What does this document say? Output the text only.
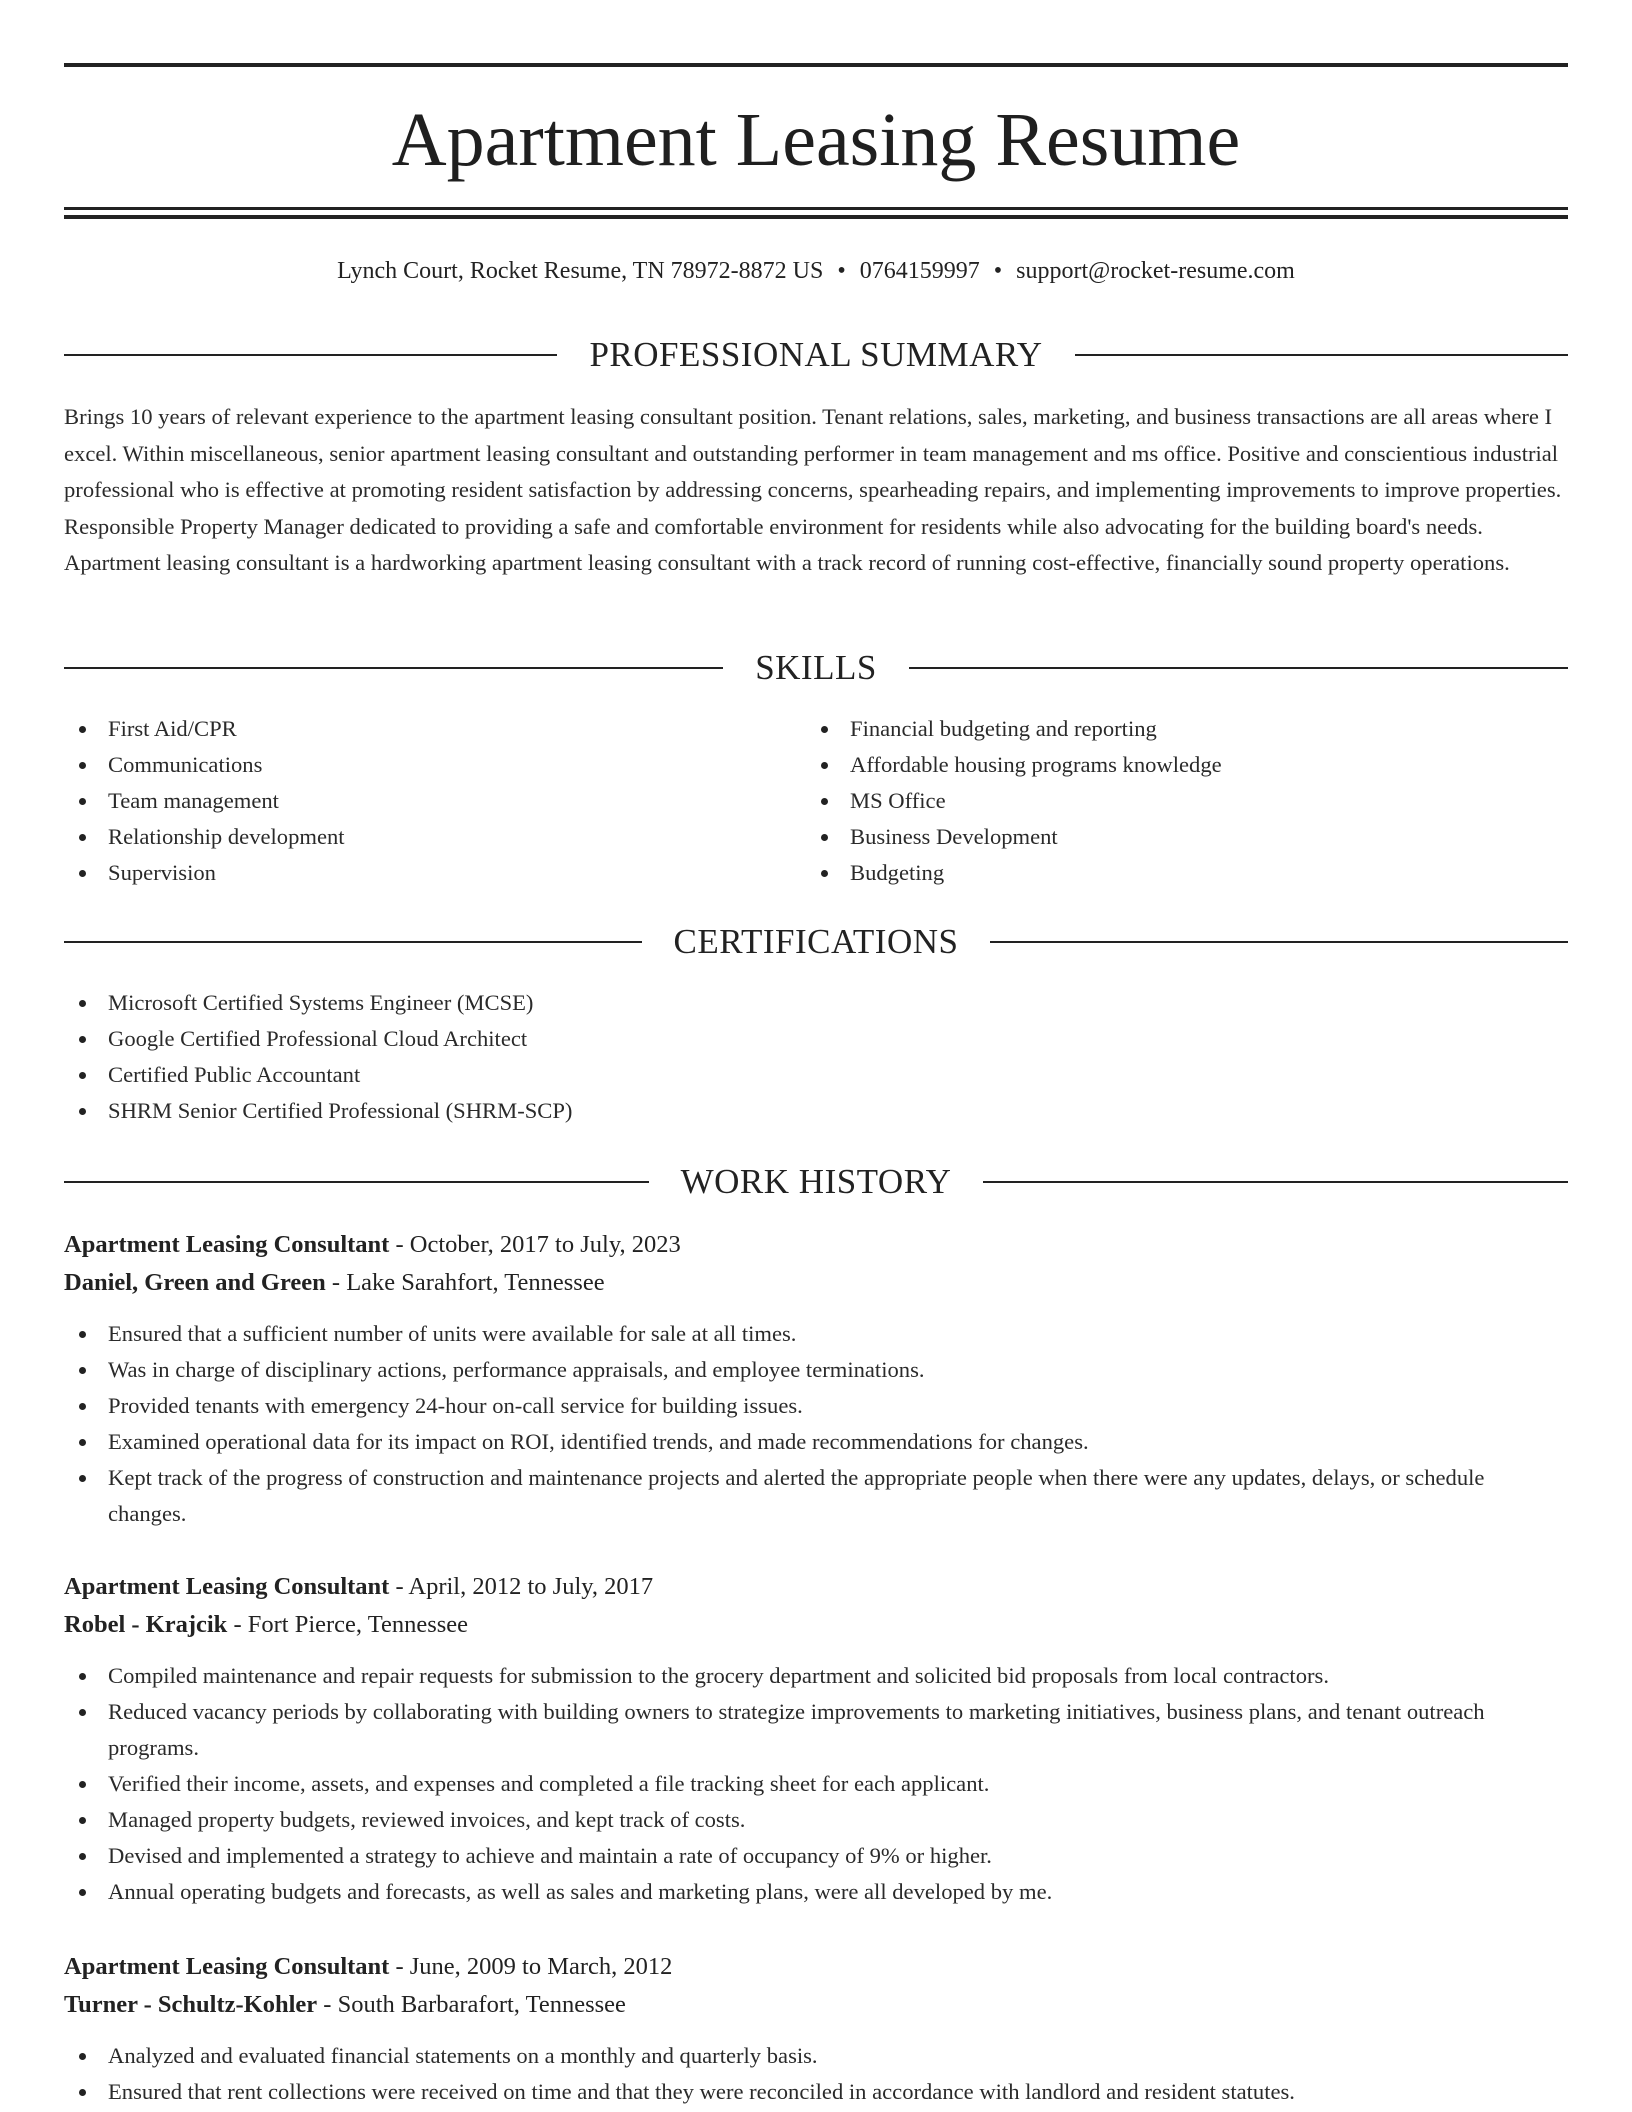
Apartment Leasing Resume
Lynch Court, Rocket Resume, TN 78972-8872 US • 0764159997 • support@rocket-resume.com
PROFESSIONAL SUMMARY
Brings 10 years of relevant experience to the apartment leasing consultant position. Tenant relations, sales, marketing, and business transactions are all areas where I excel. Within miscellaneous, senior apartment leasing consultant and outstanding performer in team management and ms office. Positive and conscientious industrial professional who is effective at promoting resident satisfaction by addressing concerns, spearheading repairs, and implementing improvements to improve properties. Responsible Property Manager dedicated to providing a safe and comfortable environment for residents while also advocating for the building board's needs. Apartment leasing consultant is a hardworking apartment leasing consultant with a track record of running cost-effective, financially sound property operations.
SKILLS
First Aid/CPR
Communications
Team management
Relationship development
Supervision
Financial budgeting and reporting
Affordable housing programs knowledge
MS Office
Business Development
Budgeting
CERTIFICATIONS
Microsoft Certified Systems Engineer (MCSE)
Google Certified Professional Cloud Architect
Certified Public Accountant
SHRM Senior Certified Professional (SHRM-SCP)
WORK HISTORY
Apartment Leasing Consultant - October, 2017 to July, 2023
Daniel, Green and Green - Lake Sarahfort, Tennessee
Ensured that a sufficient number of units were available for sale at all times.
Was in charge of disciplinary actions, performance appraisals, and employee terminations.
Provided tenants with emergency 24-hour on-call service for building issues.
Examined operational data for its impact on ROI, identified trends, and made recommendations for changes.
Kept track of the progress of construction and maintenance projects and alerted the appropriate people when there were any updates, delays, or schedule changes.
Apartment Leasing Consultant - April, 2012 to July, 2017
Robel - Krajcik - Fort Pierce, Tennessee
Compiled maintenance and repair requests for submission to the grocery department and solicited bid proposals from local contractors.
Reduced vacancy periods by collaborating with building owners to strategize improvements to marketing initiatives, business plans, and tenant outreach programs.
Verified their income, assets, and expenses and completed a file tracking sheet for each applicant.
Managed property budgets, reviewed invoices, and kept track of costs.
Devised and implemented a strategy to achieve and maintain a rate of occupancy of 9% or higher.
Annual operating budgets and forecasts, as well as sales and marketing plans, were all developed by me.
Apartment Leasing Consultant - June, 2009 to March, 2012
Turner - Schultz-Kohler - South Barbarafort, Tennessee
Analyzed and evaluated financial statements on a monthly and quarterly basis.
Ensured that rent collections were received on time and that they were reconciled in accordance with landlord and resident statutes.
